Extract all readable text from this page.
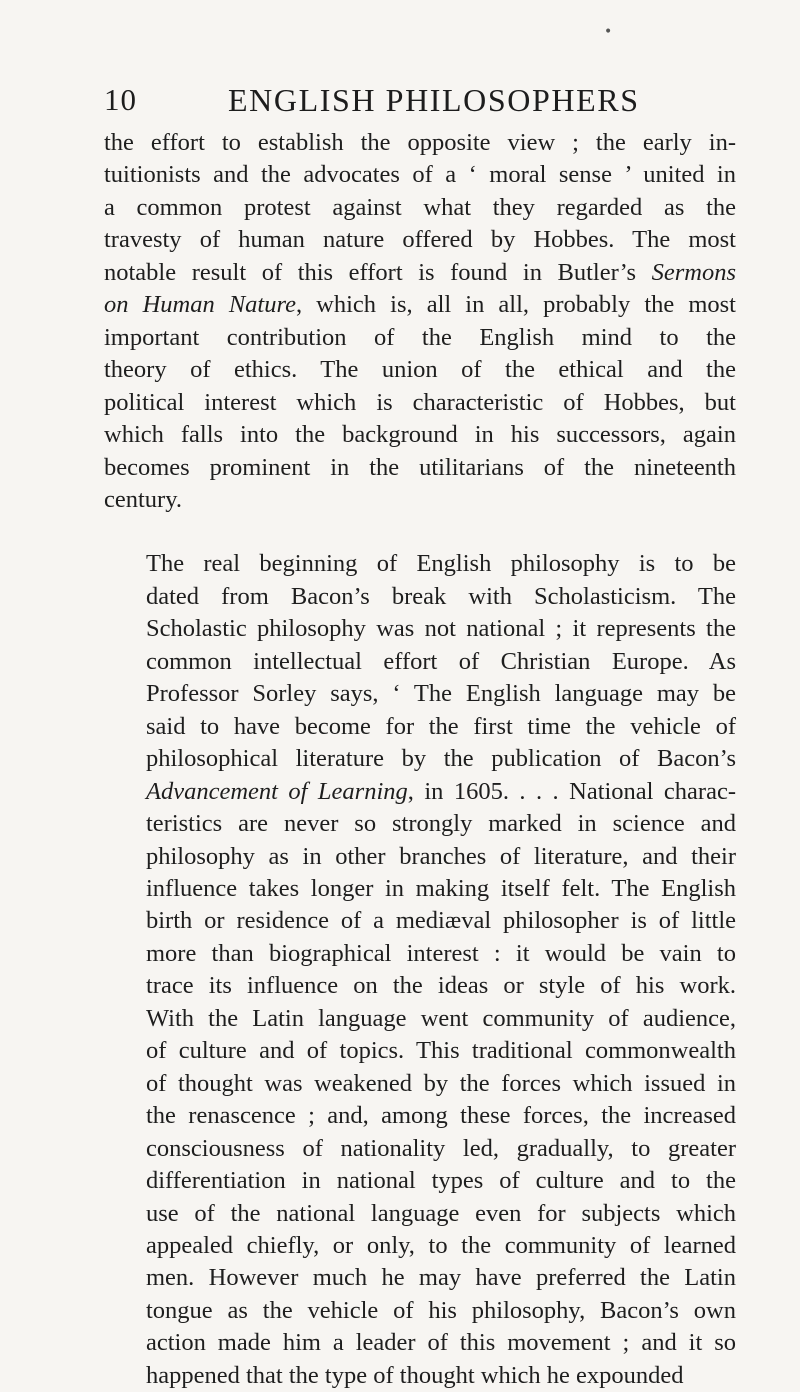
•
10	ENGLISH PHILOSOPHERS

the effort to establish the opposite view ; the early in-
tuitionists and the advocates of a ‘ moral sense ’ united in
a common protest against what they regarded as the
travesty of human nature offered by Hobbes. The most
notable result of this effort is found in Butler’s Sermons
on Human Nature, which is, all in all, probably the most
important contribution of the English mind to the
theory of ethics. The union of the ethical and the
political interest which is characteristic of Hobbes, but
which falls into the background in his successors, again
becomes prominent in the utilitarians of the nineteenth
century.

The real beginning of English philosophy is to be
dated from Bacon’s break with Scholasticism. The
Scholastic philosophy was not national ; it represents the
common intellectual effort of Christian Europe. As
Professor Sorley says, ‘ The English language may be
said to have become for the first time the vehicle of
philosophical literature by the publication of Bacon’s
Advancement of Learning, in 1605. . . . National charac-
teristics are never so strongly marked in science and
philosophy as in other branches of literature, and their
influence takes longer in making itself felt. The English
birth or residence of a mediæval philosopher is of little
more than biographical interest : it would be vain to
trace its influence on the ideas or style of his work.
With the Latin language went community of audience,
of culture and of topics. This traditional commonwealth
of thought was weakened by the forces which issued in
the renascence ; and, among these forces, the increased
consciousness of nationality led, gradually, to greater
differentiation in national types of culture and to the
use of the national language even for subjects which
appealed chiefly, or only, to the community of learned
men. However much he may have preferred the Latin
tongue as the vehicle of his philosophy, Bacon’s own
action made him a leader of this movement ; and it so
happened that the type of thought which he expounded
